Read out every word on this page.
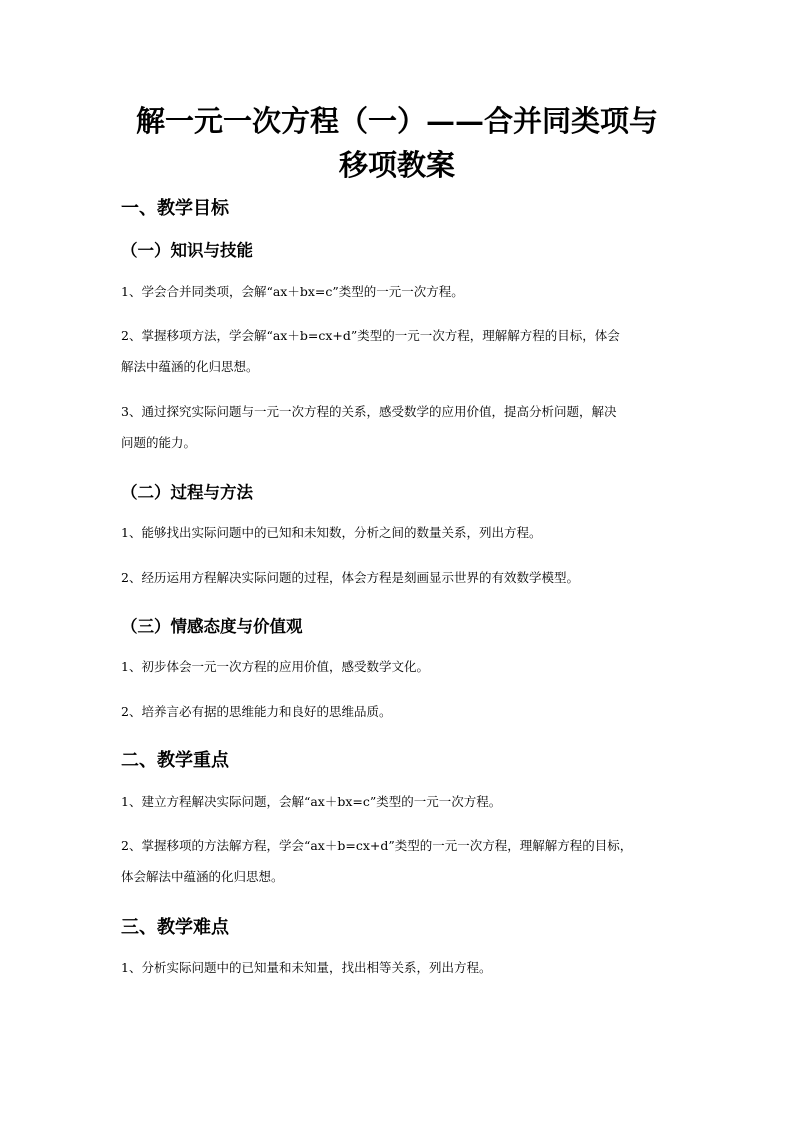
解一元一次方程（一）——合并同类项与
移项教案
一、教学目标
（一）知识与技能

1、学会合并同类项，会解“ax＋bx=c”类型的一元一次方程。

2、掌握移项方法，学会解“ax＋b=cx+d”类型的一元一次方程，理解解方程的目标，体会
解法中蕴涵的化归思想。

3、通过探究实际问题与一元一次方程的关系，感受数学的应用价值，提高分析问题，解决
问题的能力。

（二）过程与方法

1、能够找出实际问题中的已知和未知数，分析之间的数量关系，列出方程。

2、经历运用方程解决实际问题的过程，体会方程是刻画显示世界的有效数学模型。

（三）情感态度与价值观

1、初步体会一元一次方程的应用价值，感受数学文化。

2、培养言必有据的思维能力和良好的思维品质。

二、教学重点

1、建立方程解决实际问题，会解“ax＋bx=c”类型的一元一次方程。

2、掌握移项的方法解方程，学会“ax＋b=cx+d”类型的一元一次方程，理解解方程的目标，
体会解法中蕴涵的化归思想。

三、教学难点

1、分析实际问题中的已知量和未知量，找出相等关系，列出方程。
